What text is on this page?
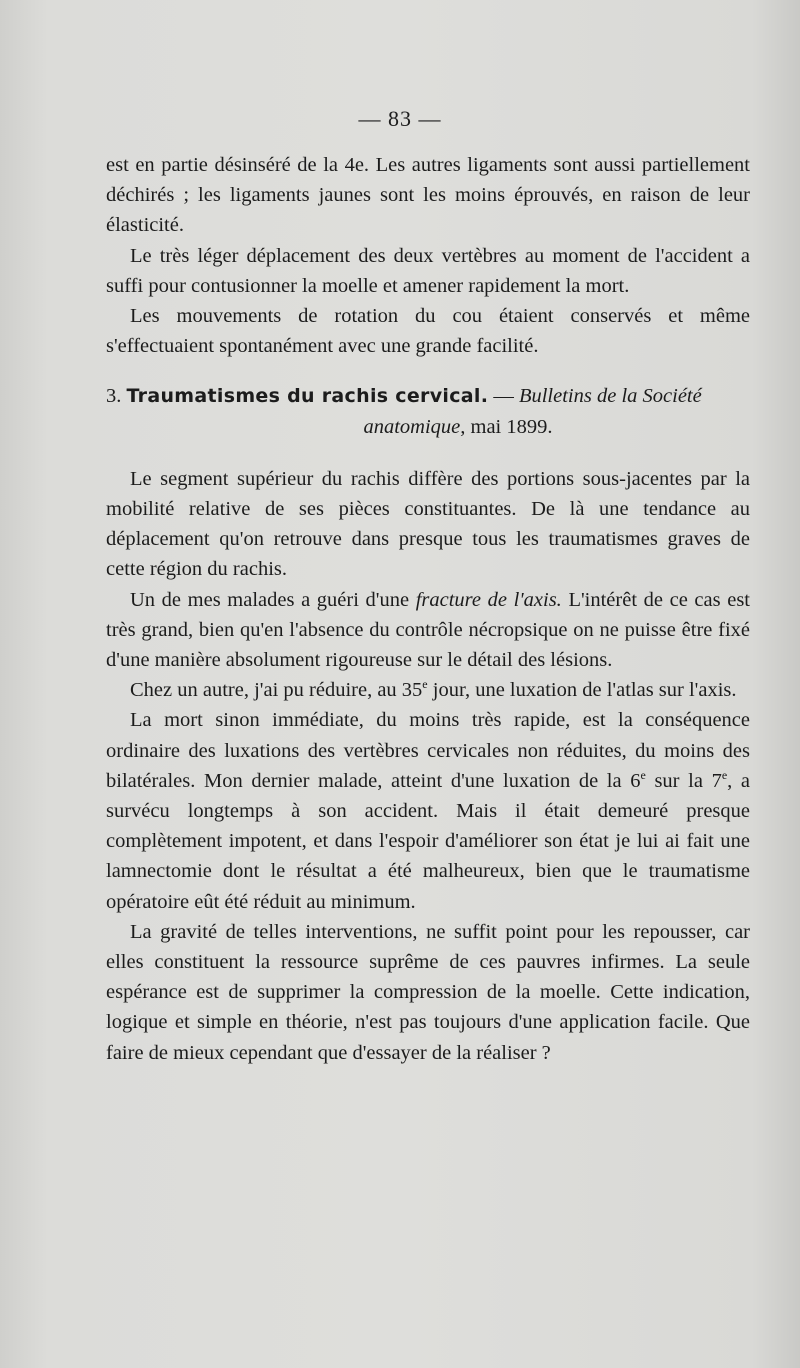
— 83 —

est en partie désinséré de la 4e. Les autres ligaments sont aussi partiellement déchirés ; les ligaments jaunes sont les moins éprouvés, en raison de leur élasticité.

Le très léger déplacement des deux vertèbres au moment de l'accident a suffi pour contusionner la moelle et amener rapidement la mort.

Les mouvements de rotation du cou étaient conservés et même s'effectuaient spontanément avec une grande facilité.

3. Traumatismes du rachis cervical. — Bulletins de la Société

anatomique, mai 1899.

Le segment supérieur du rachis diffère des portions sous-jacentes par la mobilité relative de ses pièces constituantes. De là une tendance au déplacement qu'on retrouve dans presque tous les traumatismes graves de cette région du rachis.

Un de mes malades a guéri d'une fracture de l'axis. L'intérêt de ce cas est très grand, bien qu'en l'absence du contrôle nécropsique on ne puisse être fixé d'une manière absolument rigoureuse sur le détail des lésions.

Chez un autre, j'ai pu réduire, au 35e jour, une luxation de l'atlas sur l'axis.

La mort sinon immédiate, du moins très rapide, est la conséquence ordinaire des luxations des vertèbres cervicales non réduites, du moins des bilatérales. Mon dernier malade, atteint d'une luxation de la 6e sur la 7e, a survécu longtemps à son accident. Mais il était demeuré presque complètement impotent, et dans l'espoir d'améliorer son état je lui ai fait une lamnectomie dont le résultat a été malheureux, bien que le traumatisme opératoire eût été réduit au minimum.

La gravité de telles interventions, ne suffit point pour les repousser, car elles constituent la ressource suprême de ces pauvres infirmes. La seule espérance est de supprimer la compression de la moelle. Cette indication, logique et simple en théorie, n'est pas toujours d'une application facile. Que faire de mieux cependant que d'essayer de la réaliser ?
